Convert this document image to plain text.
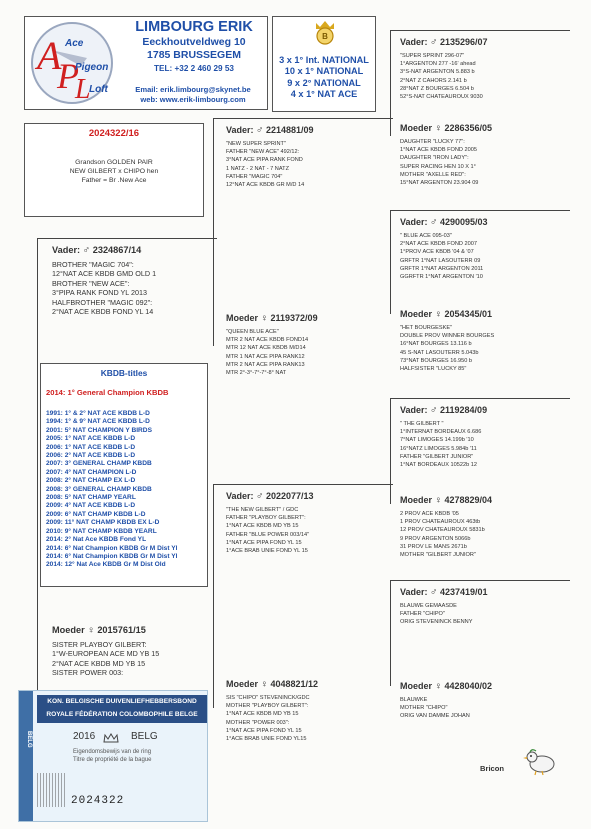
A
P
L
Ace
Pigeon
Loft
LIMBOURG ERIK
Eeckhoutveldweg 10
1785 BRUSSEGEM
TEL: +32 2 460 29 53
Email: erik.limbourg@skynet.be
web: www.erik-limbourg.com
B
3 x 1° Int. NATIONAL
10 x 1° NATIONAL
9 x 2° NATIONAL
4 x 1° NAT ACE
2024322/16
Grandson GOLDEN PAIR
NEW GILBERT x CHIPO hen
Father = Br .New Ace
Vader: ♂ 2324867/14
BROTHER "MAGIC 704":
12°NAT ACE KBDB GMD OLD 1
BROTHER "NEW ACE":
3°PIPA RANK FOND YL 2013
HALFBROTHER "MAGIC 092":
2°NAT ACE KBDB FOND YL 14
KBDB-titles
2014: 1° General Champion KBDB
1991: 1° & 2° NAT ACE KBDB L-D
1994: 1° & 9° NAT ACE KBDB L-D
2001: 5° NAT CHAMPION Y BIRDS
2005: 1° NAT ACE KBDB L-D
2006: 1° NAT ACE KBDB L-D
2006: 2° NAT ACE KBDB L-D
2007: 3° GENERAL CHAMP KBDB
2007: 4° NAT CHAMPION L-D
2008: 2° NAT CHAMP EX L-D
2008: 3° GENERAL CHAMP KBDB
2008: 5° NAT CHAMP YEARL
2009: 4° NAT ACE KBDB L-D
2009: 6° NAT CHAMP KBDB L-D
2009: 11° NAT CHAMP KBDB EX L-D
2010: 9° NAT CHAMP KBDB YEARL
2014: 2° Nat Ace KBDB Fond YL
2014: 6° Nat Champion KBDB Gr M Dist Yl
2014: 6° Nat Champion KBDB Gr M Dist Yl
2014: 12° Nat Ace KBDB Gr M Dist Old
Moeder ♀ 2015761/15
SISTER PLAYBOY GILBERT:
1°W-EUROPEAN ACE MD YB 15
2°NAT ACE KBDB MD YB 15
SISTER POWER 003:
Vader: ♂ 2214881/09
"NEW SUPER SPRINT"
FATHER "NEW ACE" 492/12:
3°NAT ACE PIPA RANK FOND
1 NATZ - 2 NAT - 7 NATZ
FATHER "MAGIC 704"
12°NAT ACE KBDB GR M/D 14
Moeder ♀ 2119372/09
"QUEEN BLUE ACE"
MTR 2 NAT ACE KBDB FOND14
MTR 12 NAT ACE KBDB M/D14
MTR 1 NAT ACE PIPA RANK12
MTR 2 NAT ACE PIPA RANK13
MTR 2°-3°-7°-7°-8° NAT
Vader: ♂ 2022077/13
"THE NEW GILBERT" / GDC
FATHER "PLAYBOY GILBERT":
1°NAT ACE KBDB MD YB 15
FATHER "BLUE POWER 003/14"
1°NAT ACE PIPA FOND YL 15
1°ACE BRAB UNIE FOND YL 15
Moeder ♀ 4048821/12
SIS "CHIPO" STEVENINCK/GDC
MOTHER "PLAYBOY GILBERT":
1°NAT ACE KBDB MD YB 15
MOTHER "POWER 003":
1°NAT ACE PIPA FOND YL 15
1°ACE BRAB UNIE FOND YL15
Vader: ♂ 2135296/07
"SUPER SPRINT 296-07"
1°ARGENTON 277 -16' ahead
3°S-NAT ARGENTON 5.883 b
2°NAT Z CAHORS 2.141 b
28°NAT Z BOURGES 6.504 b
52°S-NAT CHATEAUROUX 9030
Moeder ♀ 2286356/05
DAUGHTER "LUCKY 77":
1°NAT ACE KBDB FOND 2005
DAUGHTER "IRON LADY":
SUPER RACING HEN 10 X 1°
MOTHER "AXELLE RED":
15°NAT ARGENTON 23.904 09
Vader: ♂ 4290095/03
" BLUE ACE 095-03"
2°NAT ACE KBDB FOND 2007
1°PROV ACE KBDB '04 & '07
GRFTR 1°NAT LASOUTERR 09
GRFTR 1°NAT ARGENTON 2011
GGRFTR 1°NAT ARGENTON '10
Moeder ♀ 2054345/01
"HET BOURGESKE"
DOUBLE PROV WINNER BOURGES
16°NAT BOURGES 13.116 b
45 S-NAT LASOUTERR 5.043b
73°NAT BOURGES 16.950 b
HALFSISTER "LUCKY 85"
Vader: ♂ 2119284/09
" THE GILBERT "
1°INTERNAT BORDEAUX 6.686
7°NAT LIMOGES 14.199b '10
16°NATZ LIMOGES 5.984b '11
FATHER "GILBERT JUNIOR"
1°NAT BORDEAUX 10522b 12
Moeder ♀ 4278829/04
2 PROV ACE KBDB '05
1 PROV CHATEAUROUX 463tb
12 PROV CHATEAUROUX 5831b
9 PROV ARGENTON 5066b
31 PROV LE MANS 2671b
MOTHER "GILBERT JUNIOR"
Vader: ♂ 4237419/01
BLAUWE GEMAASDE
FATHER "CHIPO"
ORIG STEVENINCK BENNY
Moeder ♀ 4428040/02
BLAUWKE
MOTHER "CHIPO"
ORIG VAN DAMME JOHAN
BELG
KON. BELGISCHE DUIVENLIEFHEBBERSBOND
ROYALE FÉDÉRATION COLOMBOPHILE BELGE
2016	BELG
Eigendomsbewijs van de ring
Titre de propriété de la bague
2024322
Bricon
